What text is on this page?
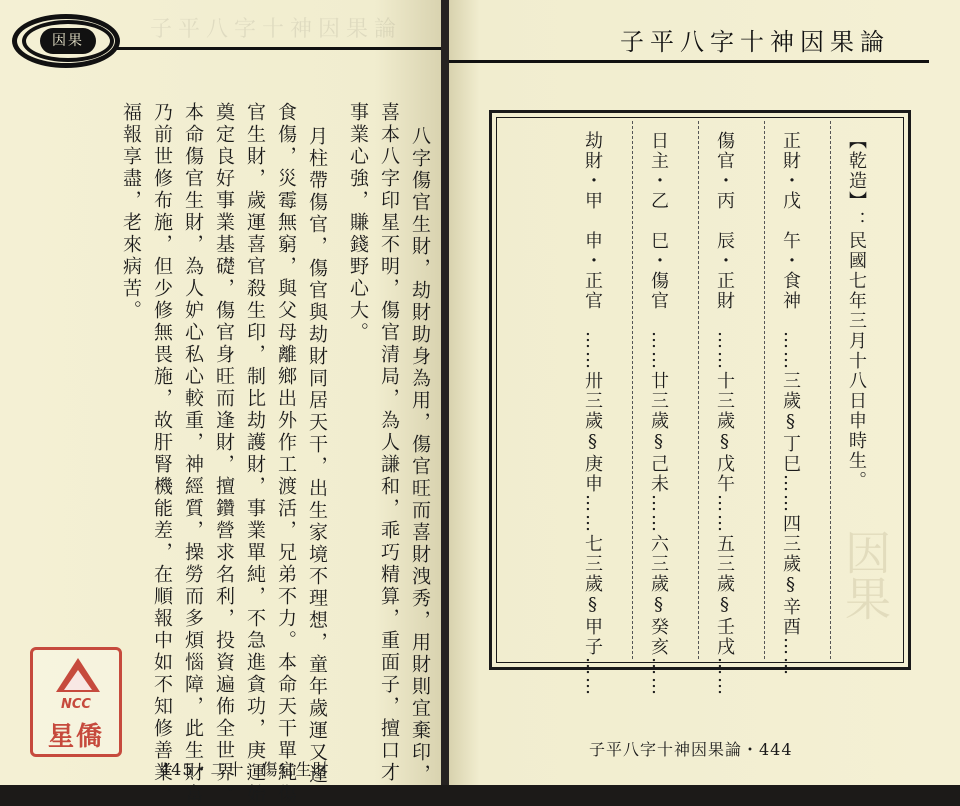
因果	子平八字十神因果論
八字傷官生財，劫財助身為用，傷官旺而喜財洩秀，用財則宜棄印，
喜本八字印星不明，傷官清局，為人謙和，乖巧精算，重面子，擅口才，
事業心強，賺錢野心大。
月柱帶傷官，傷官與劫財同居天干，出生家境不理想，童年歲運又逢
食傷，災霉無窮，與父母離鄉出外作工渡活，兄弟不力。本命天干單純傷
官生財，歲運喜官殺生印，制比劫護財，事業單純，不急進貪功，庚運始
奠定良好事業基礎，傷官身旺而逢財，擅鑽營求名利，投資遍佈全世界。
本命傷官生財，為人妒心私心較重，神經質，操勞而多煩惱障，此生財富
乃前世修布施，但少修無畏施，故肝腎機能差，在順報中如不知修善業，
福報享盡，老來病苦。
445・二十：傷官生財
NCC
星僑
子平八字十神因果論
【乾造】：民國七年三月十八日申時生。
正財・戊　午・食神　……三歲§丁巳……四三歲§辛酉……
傷官・丙　辰・正財　……十三歲§戊午……五三歲§壬戌……
日主・乙　巳・傷官　……廿三歲§己未……六三歲§癸亥……
劫財・甲　申・正官　……卅三歲§庚申……七三歲§甲子……	因果
子平八字十神因果論・444
